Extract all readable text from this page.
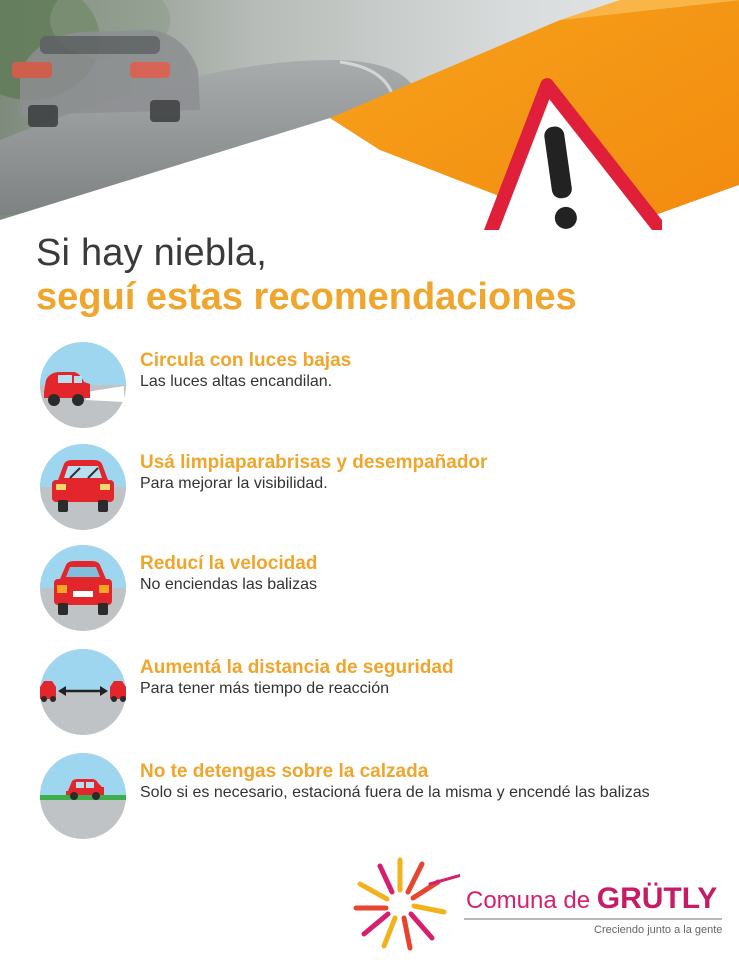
Si hay niebla,
seguí estas recomendaciones
Circula con luces bajas
Las luces altas encandilan.
Usá limpiaparabrisas y desempañador
Para mejorar la visibilidad.
Reducí la velocidad
No enciendas las balizas
Aumentá la distancia de seguridad
Para tener más tiempo de reacción
No te detengas sobre la calzada
Solo si es necesario, estacioná fuera de la misma y encendé las balizas
Comuna de GRÜTLY
Creciendo junto a la gente
